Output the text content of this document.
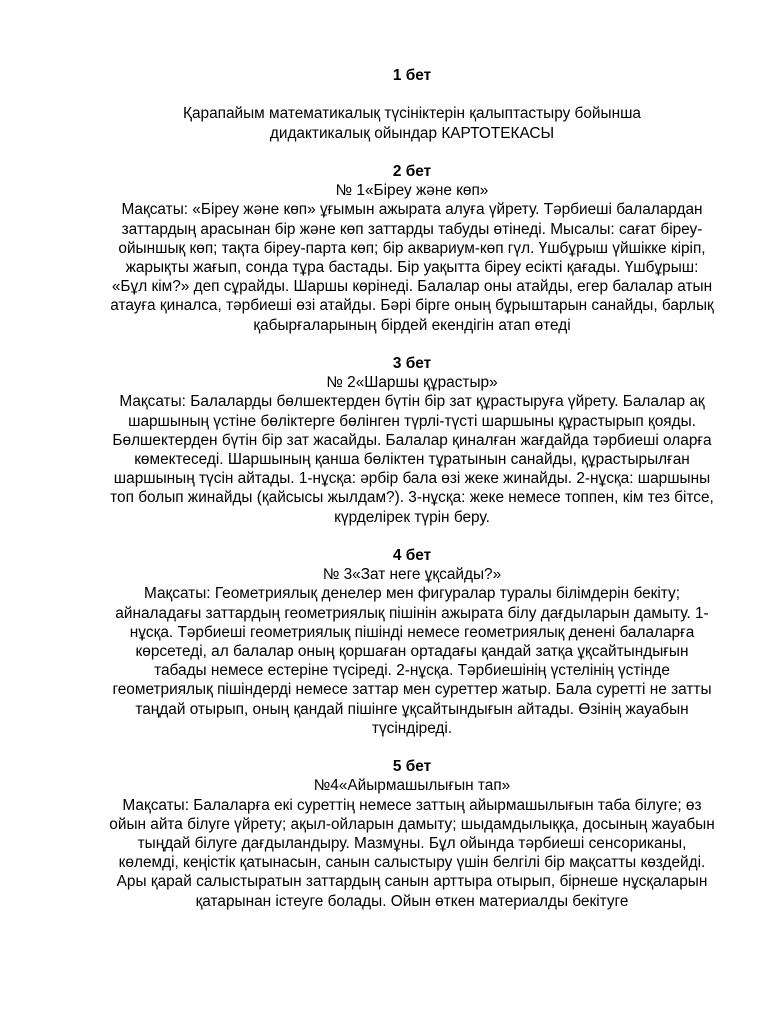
1 бет

Қарапайым математикалық түсініктерін қалыптастыру бойынша

дидактикалық ойындар КАРТОТЕКАСЫ

2 бет

№ 1«Біреу және көп»

Мақсаты: «Біреу және көп» ұғымын ажырата алуға үйрету. Тәрбиеші балалардан заттардың арасынан бір және көп заттарды табуды өтінеді. Мысалы: сағат біреу-ойыншық көп; тақта біреу-парта көп; бір аквариум-көп гүл. Үшбұрыш үйшікке кіріп, жарықты жағып, сонда тұра бастады. Бір уақытта біреу есікті қағады. Үшбұрыш: «Бұл кім?» деп сұрайды. Шаршы көрінеді. Балалар оны атайды, егер балалар атын атауға қиналса, тәрбиеші өзі атайды. Бәрі бірге оның бұрыштарын санайды, барлық қабырғаларының бірдей екендігін атап өтеді

3 бет

№ 2«Шаршы құрастыр»

Мақсаты: Балаларды бөлшектерден бүтін бір зат құрастыруға үйрету. Балалар ақ шаршының үстіне бөліктерге бөлінген түрлі-түсті шаршыны құрастырып қояды. Бөлшектерден бүтін бір зат жасайды. Балалар қиналған жағдайда тәрбиеші оларға көмектеседі. Шаршының қанша бөліктен тұратынын санайды, құрастырылған шаршының түсін айтады. 1-нұсқа: әрбір бала өзі жеке жинайды. 2-нұсқа: шаршыны топ болып жинайды (қайсысы жылдам?). 3-нұсқа: жеке немесе топпен, кім тез бітсе, күрделірек түрін беру.

4 бет

№ 3«Зат неге ұқсайды?»

Мақсаты: Геометриялық денелер мен фигуралар туралы білімдерін бекіту; айналадағы заттардың геометриялық пішінін ажырата білу дағдыларын дамыту. 1-нұсқа. Тәрбиеші геометриялық пішінді немесе геометриялық денені балаларға көрсетеді, ал балалар оның қоршаған ортадағы қандай затқа ұқсайтындығын табады немесе естеріне түсіреді. 2-нұсқа. Тәрбиешінің үстелінің үстінде геометриялық пішіндерді немесе заттар мен суреттер жатыр. Бала суретті не затты таңдай отырып, оның қандай пішінге ұқсайтындығын айтады. Өзінің жауабын түсіндіреді.

5 бет

№4«Айырмашылығын тап»

Мақсаты: Балаларға екі суреттің немесе заттың айырмашылығын таба білуге; өз ойын айта білуге үйрету; ақыл-ойларын дамыту; шыдамдылыққа, досының жауабын тыңдай білуге дағдыландыру. Мазмұны. Бұл ойында тәрбиеші сенсориканы, көлемді, кеңістік қатынасын, санын салыстыру үшін белгілі бір мақсатты көздейді. Ары қарай салыстыратын заттардың санын арттыра отырып, бірнеше нұсқаларын қатарынан істеуге болады. Ойын өткен материалды бекітуге
